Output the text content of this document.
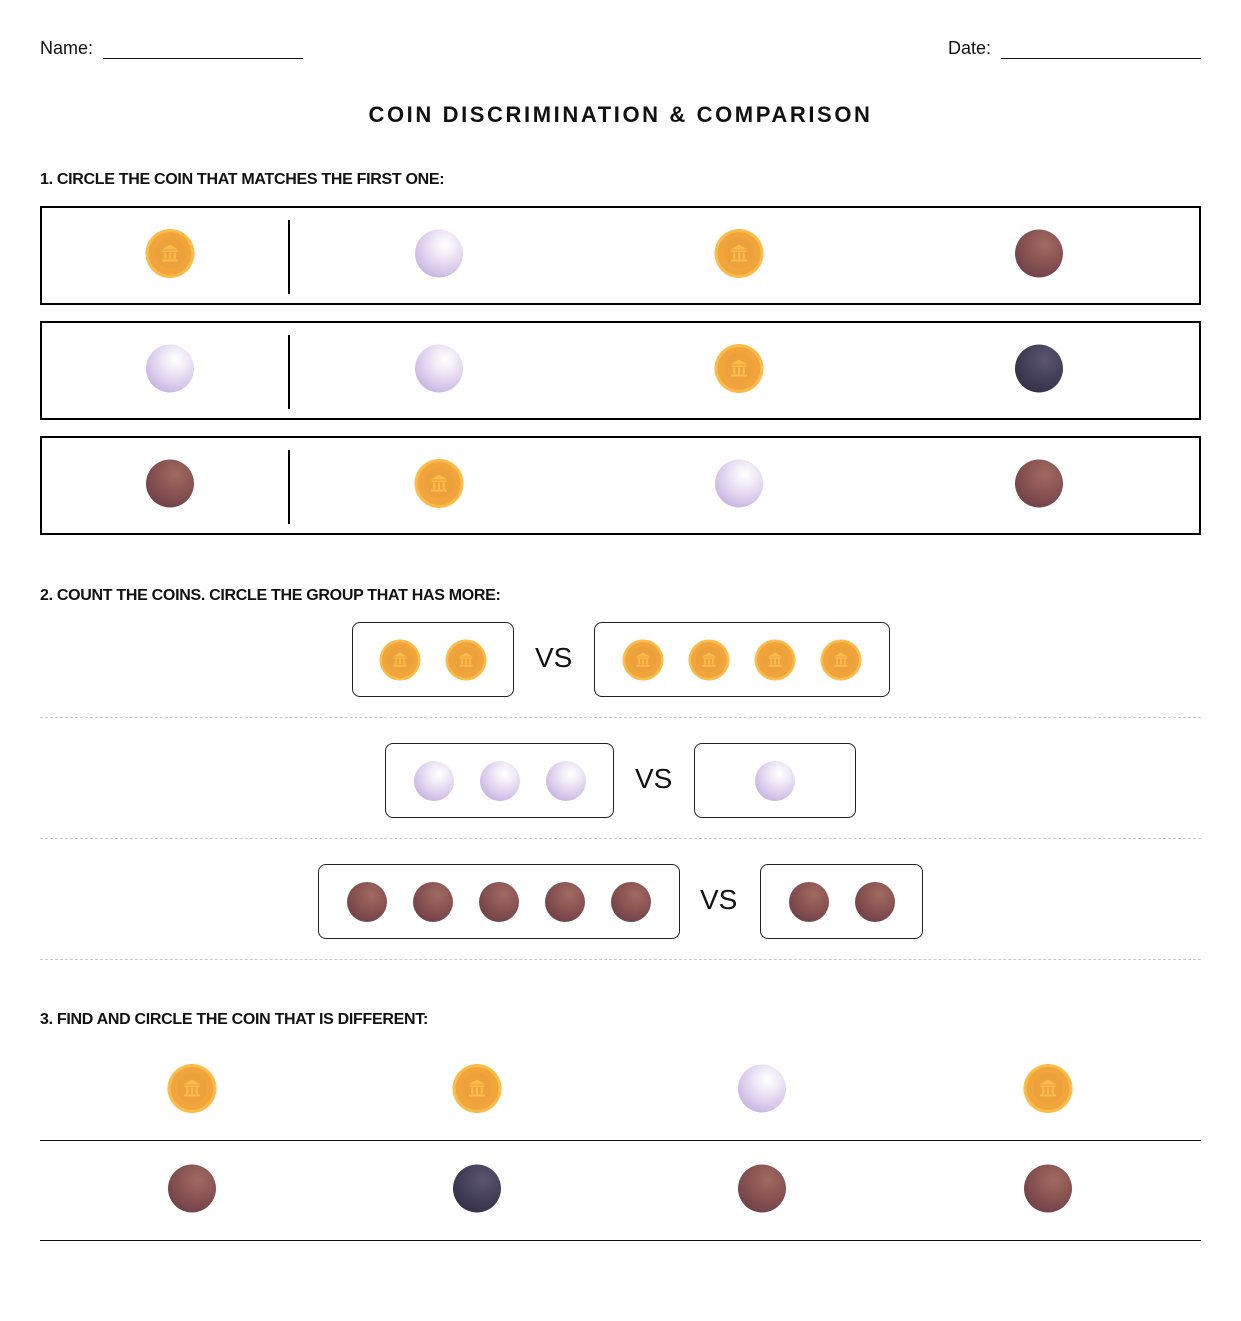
Name:	Date:
COIN DISCRIMINATION & COMPARISON
1. CIRCLE THE COIN THAT MATCHES THE FIRST ONE:
2. COUNT THE COINS. CIRCLE THE GROUP THAT HAS MORE:
VS
VS
VS
3. FIND AND CIRCLE THE COIN THAT IS DIFFERENT:
